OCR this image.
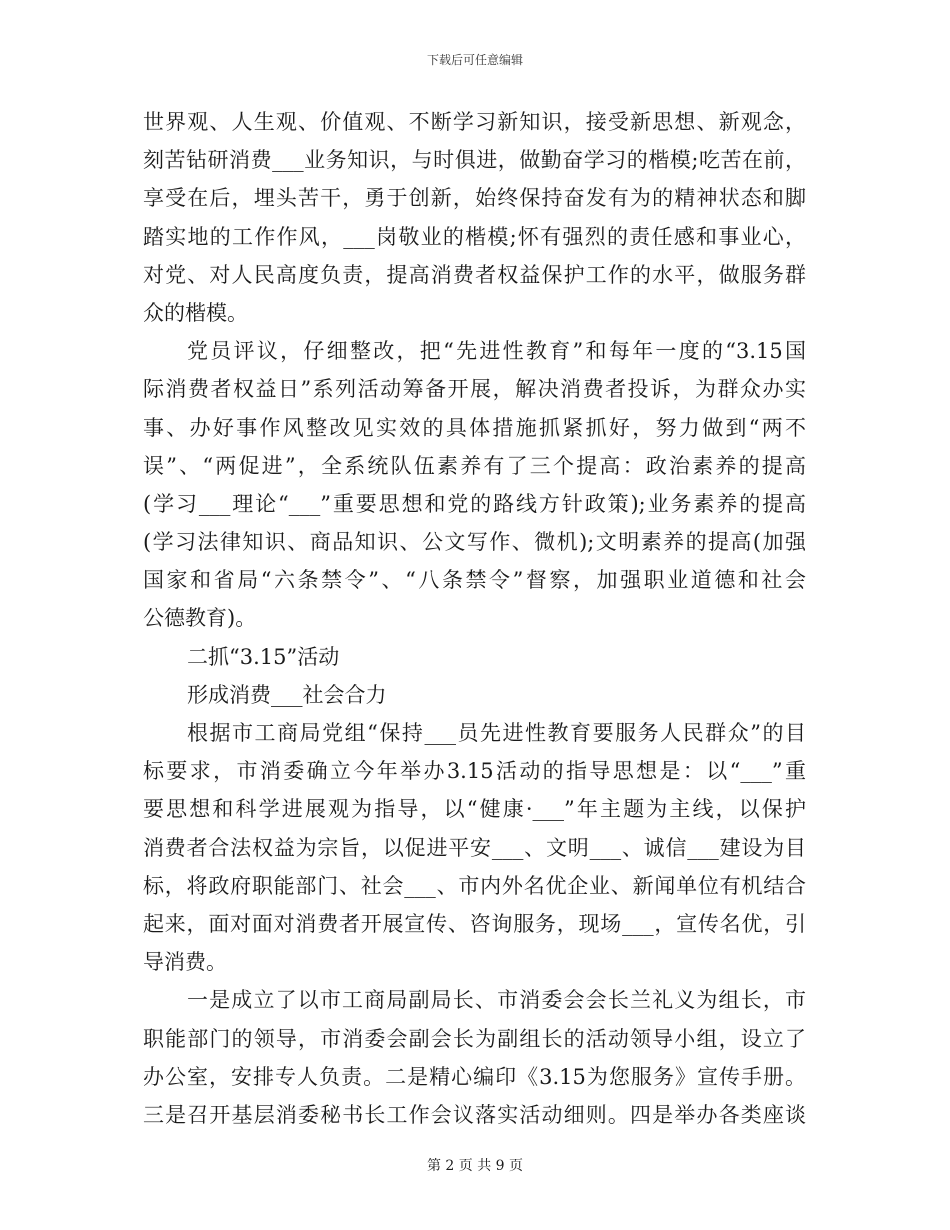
下载后可任意编辑
世界观、人生观、价值观、不断学习新知识，接受新思想、新观念，
刻苦钻研消费___业务知识，与时俱进，做勤奋学习的楷模;吃苦在前，
享受在后，埋头苦干，勇于创新，始终保持奋发有为的精神状态和脚
踏实地的工作作风，___岗敬业的楷模;怀有强烈的责任感和事业心，
对党、对人民高度负责，提高消费者权益保护工作的水平，做服务群
众的楷模。
党员评议，仔细整改，把“先进性教育”和每年一度的“3.15国
际消费者权益日”系列活动筹备开展，解决消费者投诉，为群众办实
事、办好事作风整改见实效的具体措施抓紧抓好，努力做到“两不
误”、“两促进”，全系统队伍素养有了三个提高：政治素养的提高
(学习___理论“___”重要思想和党的路线方针政策);业务素养的提高
(学习法律知识、商品知识、公文写作、微机);文明素养的提高(加强
国家和省局“六条禁令”、“八条禁令”督察，加强职业道德和社会
公德教育)。
二抓“3.15”活动
形成消费___社会合力
根据市工商局党组“保持___员先进性教育要服务人民群众”的目
标要求，市消委确立今年举办3.15活动的指导思想是：以“___”重
要思想和科学进展观为指导，以“健康·___”年主题为主线，以保护
消费者合法权益为宗旨，以促进平安___、文明___、诚信___建设为目
标，将政府职能部门、社会___、市内外名优企业、新闻单位有机结合
起来，面对面对消费者开展宣传、咨询服务，现场___，宣传名优，引
导消费。
一是成立了以市工商局副局长、市消委会会长兰礼义为组长，市
职能部门的领导，市消委会副会长为副组长的活动领导小组，设立了
办公室，安排专人负责。二是精心编印《3.15为您服务》宣传手册。
三是召开基层消委秘书长工作会议落实活动细则。四是举办各类座谈
第 2 页 共 9 页
